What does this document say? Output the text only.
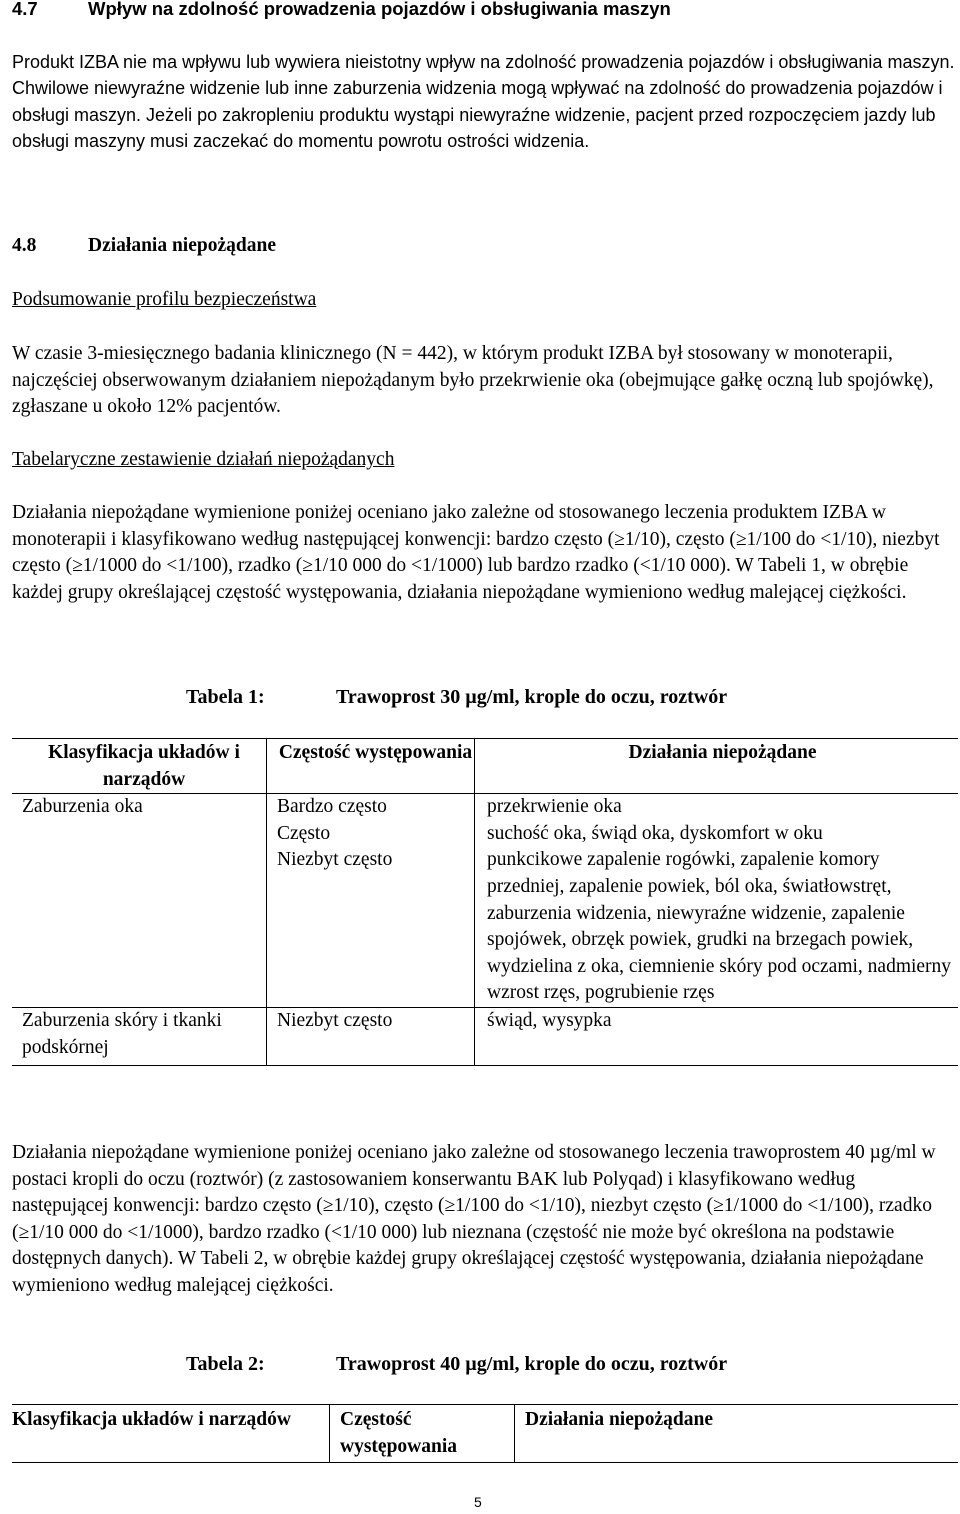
4.7	Wpływ na zdolność prowadzenia pojazdów i obsługiwania maszyn
Produkt IZBA nie ma wpływu lub wywiera nieistotny wpływ na zdolność prowadzenia pojazdów i obsługiwania maszyn.
Chwilowe niewyraźne widzenie lub inne zaburzenia widzenia mogą wpływać na zdolność do prowadzenia pojazdów i obsługi maszyn. Jeżeli po zakropleniu produktu wystąpi niewyraźne widzenie, pacjent przed rozpoczęciem jazdy lub obsługi maszyny musi zaczekać do momentu powrotu ostrości widzenia.
4.8	Działania niepożądane
Podsumowanie profilu bezpieczeństwa
W czasie 3-miesięcznego badania klinicznego (N = 442), w którym produkt IZBA był stosowany w monoterapii, najczęściej obserwowanym działaniem niepożądanym było przekrwienie oka (obejmujące gałkę oczną lub spojówkę), zgłaszane u około 12% pacjentów.
Tabelaryczne zestawienie działań niepożądanych
Działania niepożądane wymienione poniżej oceniano jako zależne od stosowanego leczenia produktem IZBA w monoterapii i klasyfikowano według następującej konwencji: bardzo często (≥1/10), często (≥1/100 do <1/10), niezbyt często (≥1/1000 do <1/100), rzadko (≥1/10 000 do <1/1000) lub bardzo rzadko (<1/10 000). W Tabeli 1, w obrębie każdej grupy określającej częstość występowania, działania niepożądane wymieniono według malejącej ciężkości.
Tabela 1:	Trawoprost 30 µg/ml, krople do oczu, roztwór
Klasyfikacja układów i narządów	Częstość występowania	Działania niepożądane
Zaburzenia oka	Bardzo często	przekrwienie oka
	Często	suchość oka, świąd oka, dyskomfort w oku
	Niezbyt często	punkcikowe zapalenie rogówki, zapalenie komory przedniej, zapalenie powiek, ból oka, światłowstręt, zaburzenia widzenia, niewyraźne widzenie, zapalenie spojówek, obrzęk powiek, grudki na brzegach powiek, wydzielina z oka, ciemnienie skóry pod oczami, nadmierny wzrost rzęs, pogrubienie rzęs
Zaburzenia skóry i tkanki podskórnej	Niezbyt często	świąd, wysypka
Działania niepożądane wymienione poniżej oceniano jako zależne od stosowanego leczenia trawoprostem 40 µg/ml w postaci kropli do oczu (roztwór) (z zastosowaniem konserwantu BAK lub Polyqad) i klasyfikowano według następującej konwencji: bardzo często (≥1/10), często (≥1/100 do <1/10), niezbyt często (≥1/1000 do <1/100), rzadko (≥1/10 000 do <1/1000), bardzo rzadko (<1/10 000) lub nieznana (częstość nie może być określona na podstawie dostępnych danych). W Tabeli 2, w obrębie każdej grupy określającej częstość występowania, działania niepożądane wymieniono według malejącej ciężkości.
Tabela 2:	Trawoprost 40 µg/ml, krople do oczu, roztwór
Klasyfikacja układów i narządów	Częstość występowania	Działania niepożądane
5
